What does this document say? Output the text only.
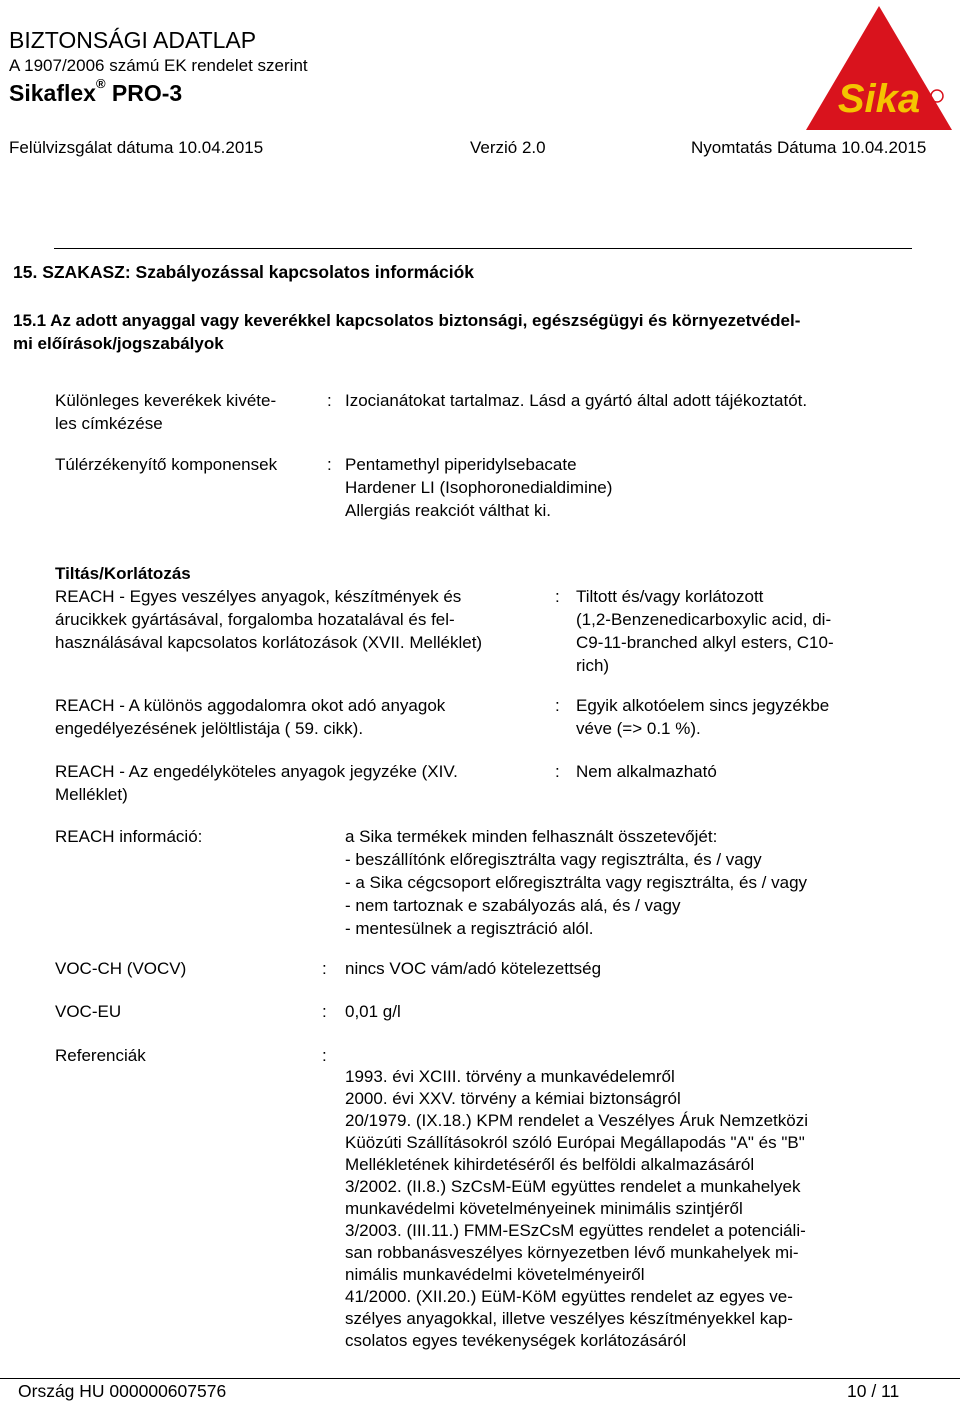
BIZTONSÁGI ADATLAP
A 1907/2006 számú EK rendelet szerint
Sikaflex® PRO-3
Felülvizsgálat dátuma 10.04.2015	Verzió 2.0	Nyomtatás Dátuma 10.04.2015
Sika
15. SZAKASZ: Szabályozással kapcsolatos információk
15.1 Az adott anyaggal vagy keverékkel kapcsolatos biztonsági, egészségügyi és környezetvédel-
mi előírások/jogszabályok
Különleges keverékek kivéte-
les címkézése
: Izocianátokat tartalmaz. Lásd a gyártó által adott tájékoztatót.
Túlérzékenyítő komponensek	: Pentamethyl piperidylsebacate
Hardener LI (Isophoronedialdimine)
Allergiás reakciót válthat ki.
Tiltás/Korlátozás
REACH - Egyes veszélyes anyagok, készítmények és
árucikkek gyártásával, forgalomba hozatalával és fel-
használásával kapcsolatos korlátozások (XVII. Melléklet)
: Tiltott és/vagy korlátozott
(1,2-Benzenedicarboxylic acid, di-
C9-11-branched alkyl esters, C10-
rich)
REACH - A különös aggodalomra okot adó anyagok
engedélyezésének jelöltlistája ( 59. cikk).
: Egyik alkotóelem sincs jegyzékbe
véve (=> 0.1 %).
REACH - Az engedélyköteles anyagok jegyzéke (XIV.
Melléklet)
: Nem alkalmazható
REACH információ:	a Sika termékek minden felhasznált összetevőjét:
- beszállítónk előregisztrálta vagy regisztrálta, és / vagy
- a Sika cégcsoport előregisztrálta vagy regisztrálta, és / vagy
- nem tartoznak e szabályozás alá, és / vagy
- mentesülnek a regisztráció alól.
VOC-CH (VOCV)	: nincs VOC vám/adó kötelezettség
VOC-EU	: 0,01 g/l
Referenciák	:

1993. évi XCIII. törvény a munkavédelemről
2000. évi XXV. törvény a kémiai biztonságról
20/1979. (IX.18.) KPM rendelet a Veszélyes Áruk Nemzetközi
Küözúti Szállításokról szóló Európai Megállapodás "A" és "B"
Mellékletének kihirdetéséről és belföldi alkalmazásáról
3/2002. (II.8.) SzCsM-EüM együttes rendelet a munkahelyek
munkavédelmi követelményeinek minimális szintjéről
3/2003. (III.11.) FMM-ESzCsM együttes rendelet a potenciáli-
san robbanásveszélyes környezetben lévő munkahelyek mi-
nimális munkavédelmi követelményeiről
41/2000. (XII.20.) EüM-KöM együttes rendelet az egyes ve-
szélyes anyagokkal, illetve veszélyes készítményekkel kap-
csolatos egyes tevékenységek korlátozásáról

Ország HU 000000607576	10 / 11
